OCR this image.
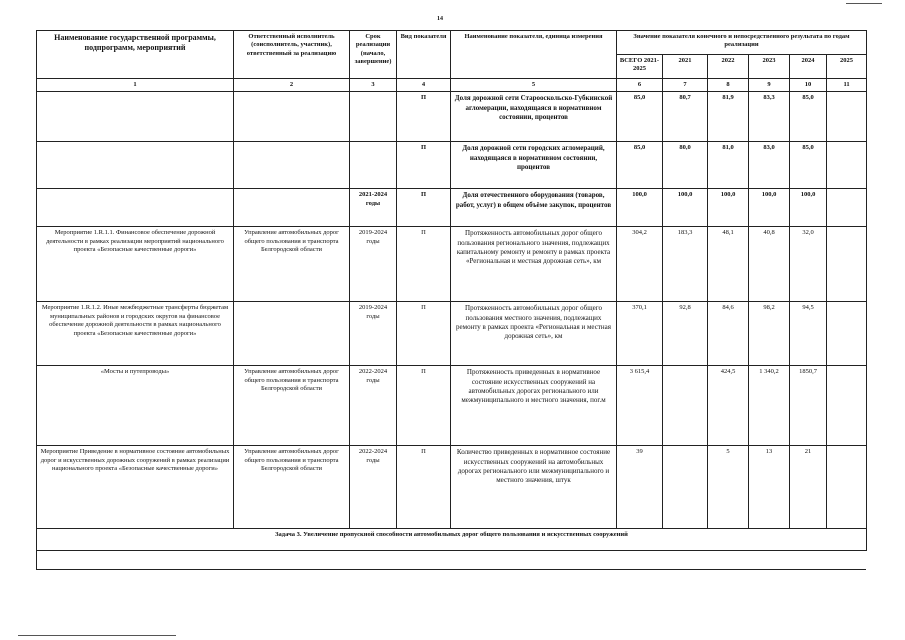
14
Наименование государственной программы, подпрограмм, мероприятий	Ответственный исполнитель (соисполнитель, участник), ответственный за реализацию	Срок реализации (начало, завершение)	Вид показателя	Наименование показателя, единица измерения	Значение показателя конечного и непосредственного результата по годам реализации					
					ВСЕГО 2021-2025	2021	2022	2023	2024	2025
1	2	3	4	5	6	7	8	9	10	11
			П	Доля дорожной сети Старооскольско-Губкинской агломерации, находящаяся в нормативном состоянии, процентов	85,0	80,7	81,9	83,3	85,0	
			П	Доля дорожной сети городских агломераций, находящаяся в нормативном состоянии, процентов	85,0	80,0	81,0	83,0	85,0	
		2021-2024 годы	П	Доля отечественного оборудования (товаров, работ, услуг) в общем объёме закупок, процентов	100,0	100,0	100,0	100,0	100,0	
Мероприятие 1.R.1.1. Финансовое обеспечение дорожной деятельности в рамках реализации мероприятий национального проекта «Безопасные качественные дороги»	Управление автомобильных дорог общего пользования и транспорта Белгородской области	2019-2024 годы	П	Протяженность автомобильных дорог общего пользования регионального значения, подлежащих капитальному ремонту и ремонту в рамках проекта «Региональная и местная дорожная сеть», км	304,2	183,3	48,1	40,8	32,0	
Мероприятие 1.R.1.2. Иные межбюджетные трансферты бюджетам муниципальных районов и городских округов на финансовое обеспечение дорожной деятельности в рамках национального проекта «Безопасные качественные дороги»		2019-2024 годы	П	Протяженность автомобильных дорог общего пользования местного значения, подлежащих ремонту в рамках проекта «Региональная и местная дорожная сеть», км	370,1	92,8	84,6	98,2	94,5	
«Мосты и путепроводы»	Управление автомобильных дорог общего пользования и транспорта Белгородской области	2022-2024 годы	П	Протяженность приведенных в нормативное состояние искусственных сооружений на автомобильных дорогах регионального или межмуниципального и местного значения, пог.м	3 615,4		424,5	1 340,2	1850,7	
Мероприятие Приведение в нормативное состояние автомобильных дорог и искусственных дорожных сооружений в рамках реализации национального проекта «Безопасные качественные дороги»	Управление автомобильных дорог общего пользования и транспорта Белгородской области	2022-2024 годы	П	Количество приведенных в нормативное состояние искусственных сооружений на автомобильных дорогах регионального или межмуниципального и местного значения, штук	39		5	13	21	
Задача 3. Увеличение пропускной способности автомобильных дорог общего пользования и искусственных сооружений										
